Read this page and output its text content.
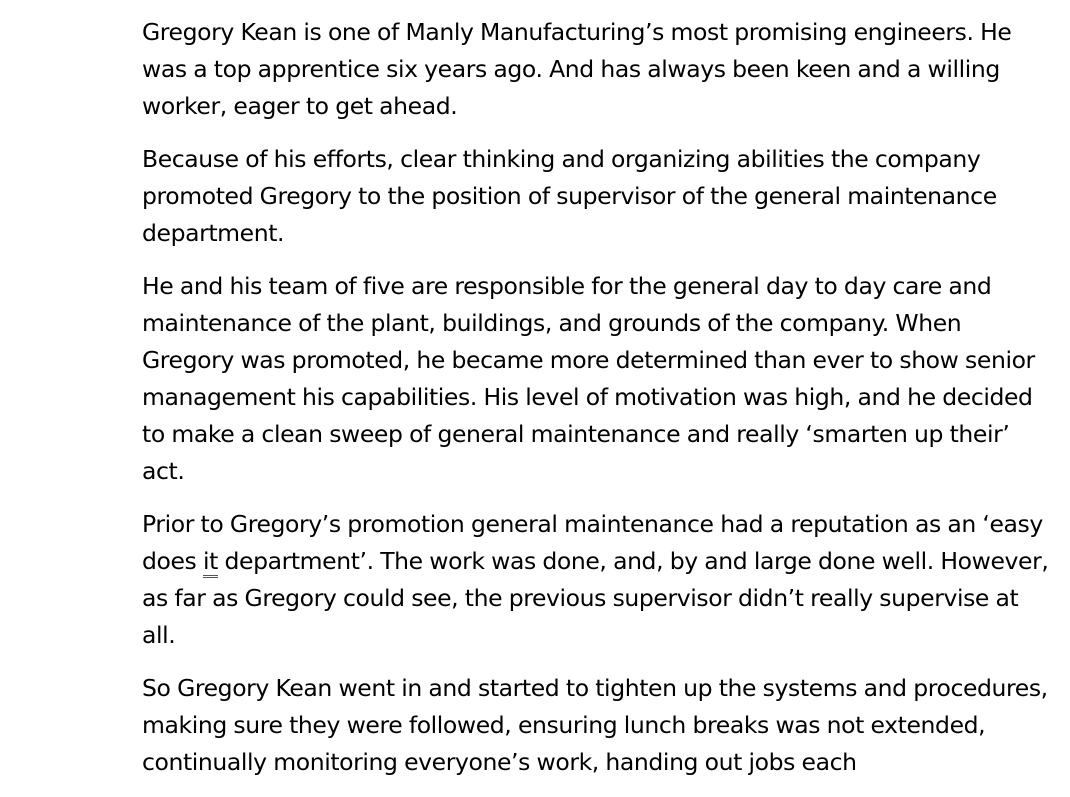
Gregory Kean is one of Manly Manufacturing’s most promising engineers. He was a top apprentice six years ago. And has always been keen and a willing worker, eager to get ahead.

Because of his efforts, clear thinking and organizing abilities the company promoted Gregory to the position of supervisor of the general maintenance department.

He and his team of five are responsible for the general day to day care and maintenance of the plant, buildings, and grounds of the company. When Gregory was promoted, he became more determined than ever to show senior management his capabilities. His level of motivation was high, and he decided to make a clean sweep of general maintenance and really ‘smarten up their’ act.

Prior to Gregory’s promotion general maintenance had a reputation as an ‘easy does it department’. The work was done, and, by and large done well. However, as far as Gregory could see, the previous supervisor didn’t really supervise at all.

So Gregory Kean went in and started to tighten up the systems and procedures, making sure they were followed, ensuring lunch breaks was not extended, continually monitoring everyone’s work, handing out jobs each
